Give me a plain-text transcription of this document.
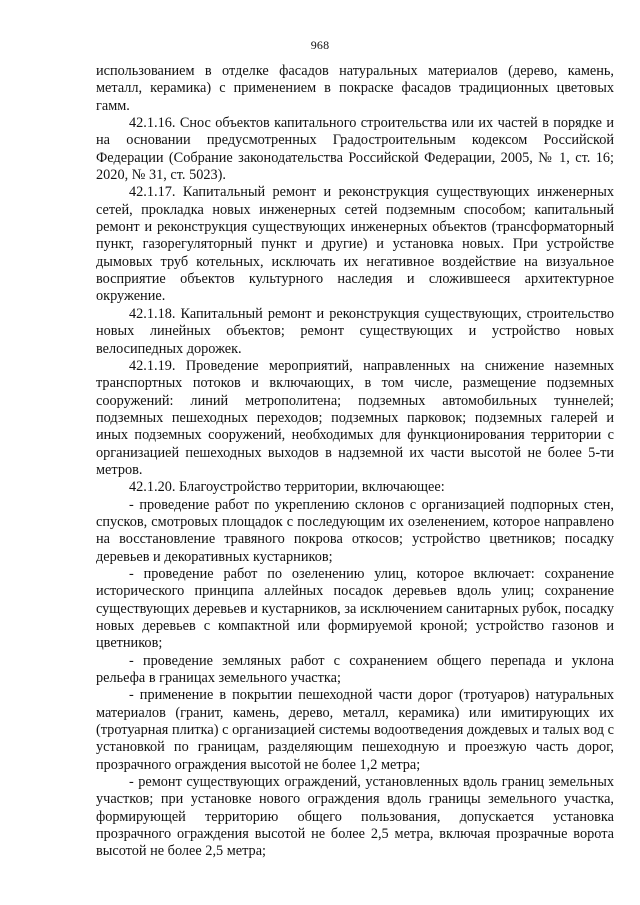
968

использованием в отделке фасадов натуральных материалов (дерево, камень, металл, керамика) с применением в покраске фасадов традиционных цветовых гамм.

42.1.16. Снос объектов капитального строительства или их частей в порядке и на основании предусмотренных Градостроительным кодексом Российской Федерации (Собрание законодательства Российской Федерации, 2005, № 1, ст. 16; 2020, № 31, ст. 5023).

42.1.17. Капитальный ремонт и реконструкция существующих инженерных сетей, прокладка новых инженерных сетей подземным способом; капитальный ремонт и реконструкция существующих инженерных объектов (трансформаторный пункт, газорегуляторный пункт и другие) и установка новых. При устройстве дымовых труб котельных, исключать их негативное воздействие на визуальное восприятие объектов культурного наследия и сложившееся архитектурное окружение.

42.1.18. Капитальный ремонт и реконструкция существующих, строительство новых линейных объектов; ремонт существующих и устройство новых велосипедных дорожек.

42.1.19. Проведение мероприятий, направленных на снижение наземных транспортных потоков и включающих, в том числе, размещение подземных сооружений: линий метрополитена; подземных автомобильных туннелей; подземных пешеходных переходов; подземных парковок; подземных галерей и иных подземных сооружений, необходимых для функционирования территории с организацией пешеходных выходов в надземной их части высотой не более 5-ти метров.

42.1.20. Благоустройство территории, включающее:

- проведение работ по укреплению склонов с организацией подпорных стен, спусков, смотровых площадок с последующим их озеленением, которое направлено на восстановление травяного покрова откосов; устройство цветников; посадку деревьев и декоративных кустарников;

- проведение работ по озеленению улиц, которое включает: сохранение исторического принципа аллейных посадок деревьев вдоль улиц; сохранение существующих деревьев и кустарников, за исключением санитарных рубок, посадку новых деревьев с компактной или формируемой кроной; устройство газонов и цветников;

- проведение земляных работ с сохранением общего перепада и уклона рельефа в границах земельного участка;

- применение в покрытии пешеходной части дорог (тротуаров) натуральных материалов (гранит, камень, дерево, металл, керамика) или имитирующих их (тротуарная плитка) с организацией системы водоотведения дождевых и талых вод с установкой по границам, разделяющим пешеходную и проезжую часть дорог, прозрачного ограждения высотой не более 1,2 метра;

- ремонт существующих ограждений, установленных вдоль границ земельных участков; при установке нового ограждения вдоль границы земельного участка, формирующей территорию общего пользования, допускается установка прозрачного ограждения высотой не более 2,5 метра, включая прозрачные ворота высотой не более 2,5 метра;
